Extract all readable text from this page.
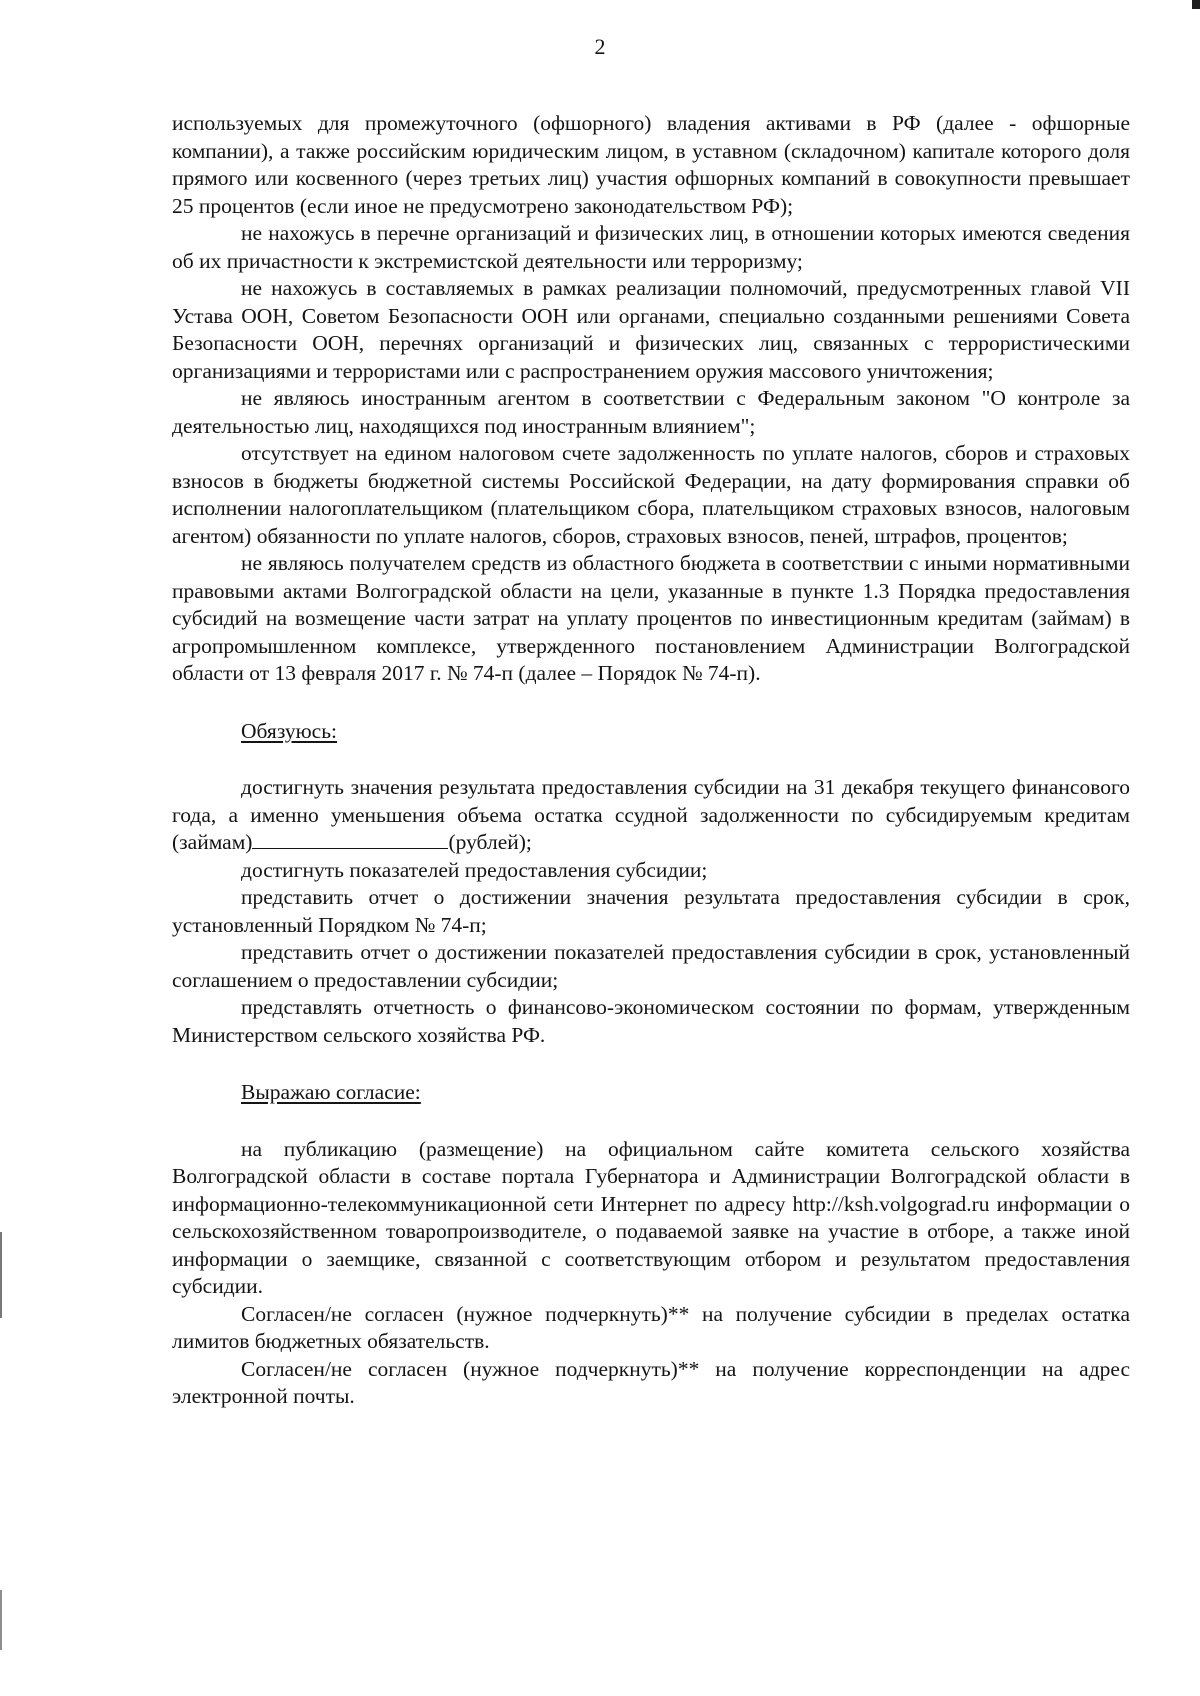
2

используемых для промежуточного (офшорного) владения активами в РФ (далее - офшорные компании), а также российским юридическим лицом, в уставном (складочном) капитале которого доля прямого или косвенного (через третьих лиц) участия офшорных компаний в совокупности превышает 25 процентов (если иное не предусмотрено законодательством РФ);

не нахожусь в перечне организаций и физических лиц, в отношении которых имеются сведения об их причастности к экстремистской деятельности или терроризму;

не нахожусь в составляемых в рамках реализации полномочий, предусмотренных главой VII Устава ООН, Советом Безопасности ООН или органами, специально созданными решениями Совета Безопасности ООН, перечнях организаций и физических лиц, связанных с террористическими организациями и террористами или с распространением оружия массового уничтожения;

не являюсь иностранным агентом в соответствии с Федеральным законом "О контроле за деятельностью лиц, находящихся под иностранным влиянием";

отсутствует на едином налоговом счете задолженность по уплате налогов, сборов и страховых взносов в бюджеты бюджетной системы Российской Федерации, на дату формирования справки об исполнении налогоплательщиком (плательщиком сбора, плательщиком страховых взносов, налоговым агентом) обязанности по уплате налогов, сборов, страховых взносов, пеней, штрафов, процентов;

не являюсь получателем средств из областного бюджета в соответствии с иными нормативными правовыми актами Волгоградской области на цели, указанные в пункте 1.3 Порядка предоставления субсидий на возмещение части затрат на уплату процентов по инвестиционным кредитам (займам) в агропромышленном комплексе, утвержденного постановлением Администрации Волгоградской области от 13 февраля 2017 г. № 74-п (далее – Порядок № 74-п).

Обязуюсь:

достигнуть значения результата предоставления субсидии на 31 декабря текущего финансового года, а именно уменьшения объема остатка ссудной задолженности по субсидируемым кредитам (займам)	(рублей);

достигнуть показателей предоставления субсидии;

представить отчет о достижении значения результата предоставления субсидии в срок, установленный Порядком № 74-п;

представить отчет о достижении показателей предоставления субсидии в срок, установленный соглашением о предоставлении субсидии;

представлять отчетность о финансово-экономическом состоянии по формам, утвержденным Министерством сельского хозяйства РФ.

Выражаю согласие:

на публикацию (размещение) на официальном сайте комитета сельского хозяйства Волгоградской области в составе портала Губернатора и Администрации Волгоградской области в информационно-телекоммуникационной сети Интернет по адресу http://ksh.volgograd.ru информации о сельскохозяйственном товаропроизводителе, о подаваемой заявке на участие в отборе, а также иной информации о заемщике, связанной с соответствующим отбором и результатом предоставления субсидии.

Согласен/не согласен (нужное подчеркнуть)** на получение субсидии в пределах остатка лимитов бюджетных обязательств.

Согласен/не согласен (нужное подчеркнуть)** на получение корреспонденции на адрес электронной почты.
